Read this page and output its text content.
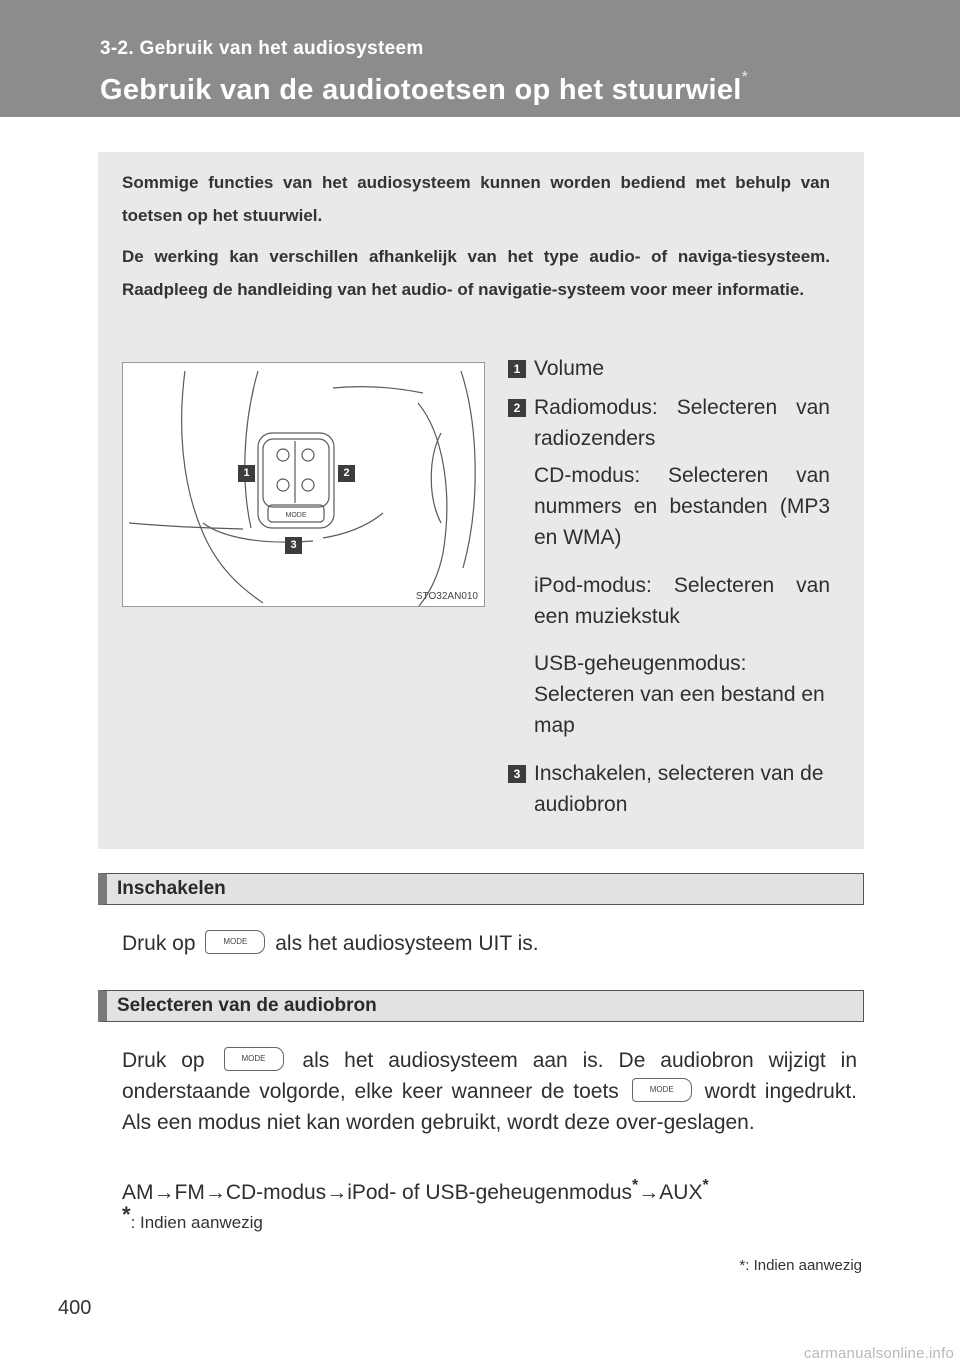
3-2. Gebruik van het audiosysteem
Gebruik van de audiotoetsen op het stuurwiel*
Sommige functies van het audiosysteem kunnen worden bediend met behulp van toetsen op het stuurwiel.
De werking kan verschillen afhankelijk van het type audio- of naviga-tiesysteem. Raadpleeg de handleiding van het audio- of navigatie-systeem voor meer informatie.
MODE
1	2
3
STO32AN010
1 Volume
2 Radiomodus: Selecteren van radiozenders
CD-modus: Selecteren van nummers en bestanden (MP3 en WMA)
iPod-modus: Selecteren van een muziekstuk
USB-geheugenmodus: Selecteren van een bestand en map
3 Inschakelen, selecteren van de audiobron
Inschakelen
Druk op	MODE als het audiosysteem UIT is.
Selecteren van de audiobron
Druk op	MODE als het audiosysteem aan is. De audiobron wijzigt in onderstaande volgorde, elke keer wanneer de toets	MODE wordt ingedrukt. Als een modus niet kan worden gebruikt, wordt deze over-geslagen.
AM→FM→CD-modus→iPod- of USB-geheugenmodus*→AUX*
*: Indien aanwezig
*: Indien aanwezig
400
carmanualsonline.info
